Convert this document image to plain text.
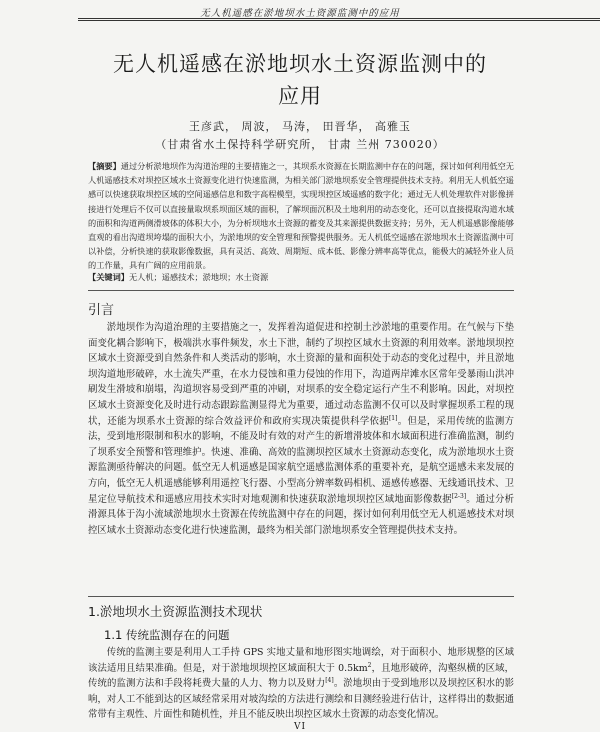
无人机遥感在淤地坝水土资源监测中的应用
无人机遥感在淤地坝水土资源监测中的
应用
王彦武， 周波， 马涛， 田晋华， 高雅玉
（甘肃省水土保持科学研究所， 甘肃 兰州 730020）
【摘要】通过分析淤地坝作为沟道治理的主要措施之一，其坝系水资源在长期监测中存在的问题，探讨如何利用低空无人机遥感技术对坝控区域水土资源变化进行快速监测，为相关部门淤地坝系安全管理提供技术支持。利用无人机低空遥感可以快速获取坝控区域的空间遥感信息和数字高程模型，实现坝控区域遥感的数字化；通过无人机处理软件对影像拼接进行处理后不仅可以直接量取坝系坝面区域的面积，了解坝面沉积及土地利用的动态变化，还可以直接提取沟道水域的面积和沟道两侧滑坡体的体积大小，为分析坝地水土资源的蓄变及其来源提供数据支持；另外，无人机遥感影像能够直观的看出沟道坝垮塌的面积大小，为淤地坝的安全管理和预警提供服务。无人机低空遥感在淤地坝水土资源监测中可以补偿，分析快速的获取影像数据，具有灵活、高效、周期短、成本低、影像分辨率高等优点，能极大的减轻外业人员的工作量，具有广阔的应用前景。
【关键词】无人机；遥感技术；淤地坝；水土资源
引言

淤地坝作为沟道治理的主要措施之一，发挥着沟道促进和控制土沙淤地的重要作用。在气候与下垫面变化耦合影响下，极端洪水事件频发，水土下泄，制约了坝控区域水土资源的利用效率。淤地坝坝控区域水土资源受到自然条件和人类活动的影响，水土资源的量和面积处于动态的变化过程中，并且淤地坝沟道地形破碎，水土流失严重，在水力侵蚀和重力侵蚀的作用下，沟道两岸滩水区常年受暴雨山洪冲刷发生滑坡和崩塌，沟道坝容易受到严重的冲刷，对坝系的安全稳定运行产生不利影响。因此，对坝控区域水土资源变化及时进行动态跟踪监测显得尤为重要，通过动态监测不仅可以及时掌握坝系工程的现状，还能为坝系水土资源的综合效益评价和政府实现决策提供科学依据[1]。但是，采用传统的监测方法，受到地形限制和积水的影响，不能及时有效的对产生的新增滑坡体和水域面积进行准确监测，制约了坝系安全预警和管理维护。快速、准确、高效的监测坝控区域水土资源动态变化，成为淤地坝水土资源监测亟待解决的问题。低空无人机遥感是国家航空遥感监测体系的重要补充，是航空遥感未来发展的方向，低空无人机遥感能够利用遥控飞行器、小型高分辨率数码相机、遥感传感器、无线通讯技术、卫星定位导航技术和遥感应用技术实时对地观测和快速获取淤地坝坝控区域地面影像数据[2-3]。通过分析滑源具体于沟小流域淤地坝水土资源在传统监测中存在的问题，探讨如何利用低空无人机遥感技术对坝控区域水土资源动态变化进行快速监测，最终为相关部门淤地坝系安全管理提供技术支持。

1.淤地坝水土资源监测技术现状
1.1 传统监测存在的问题

传统的监测主要是利用人工手持 GPS 实地丈量和地形图实地调绘，对于面积小、地形规整的区域该法适用且结果准确。但是，对于淤地坝坝控区域面积大于 $0.5km^2$，且地形破碎，沟壑纵横的区域，传统的监测方法和手段将耗费大量的人力、物力以及财力[4]。淤地坝由于受到地形以及坝控区积水的影响，对人工不能到达的区域经常采用对坡沟绘的方法进行测绘和目测经验进行估计，这样得出的数据通常带有主观性、片面性和随机性，并且不能反映出坝控区域水土资源的动态变化情况。

VI
